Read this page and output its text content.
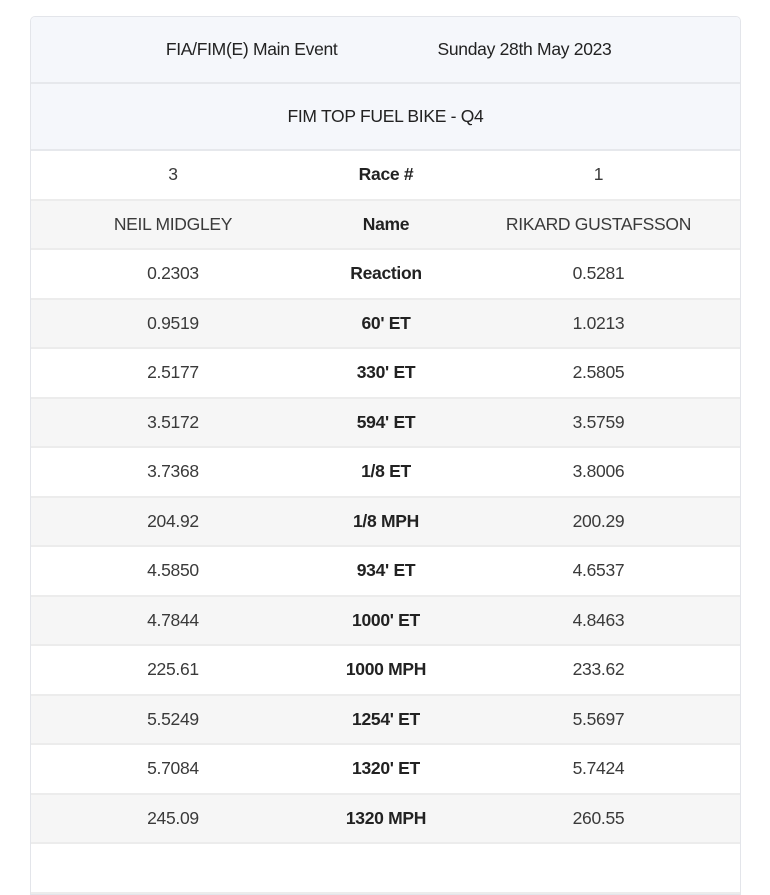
FIA/FIM(E) Main Event	Sunday 28th May 2023
FIM TOP FUEL BIKE - Q4
3	Race #	1
NEIL MIDGLEY	Name	RIKARD GUSTAFSSON
0.2303	Reaction	0.5281
0.9519	60' ET	1.0213
2.5177	330' ET	2.5805
3.5172	594' ET	3.5759
3.7368	1/8 ET	3.8006
204.92	1/8 MPH	200.29
4.5850	934' ET	4.6537
4.7844	1000' ET	4.8463
225.61	1000 MPH	233.62
5.5249	1254' ET	5.5697
5.7084	1320' ET	5.7424
245.09	1320 MPH	260.55
